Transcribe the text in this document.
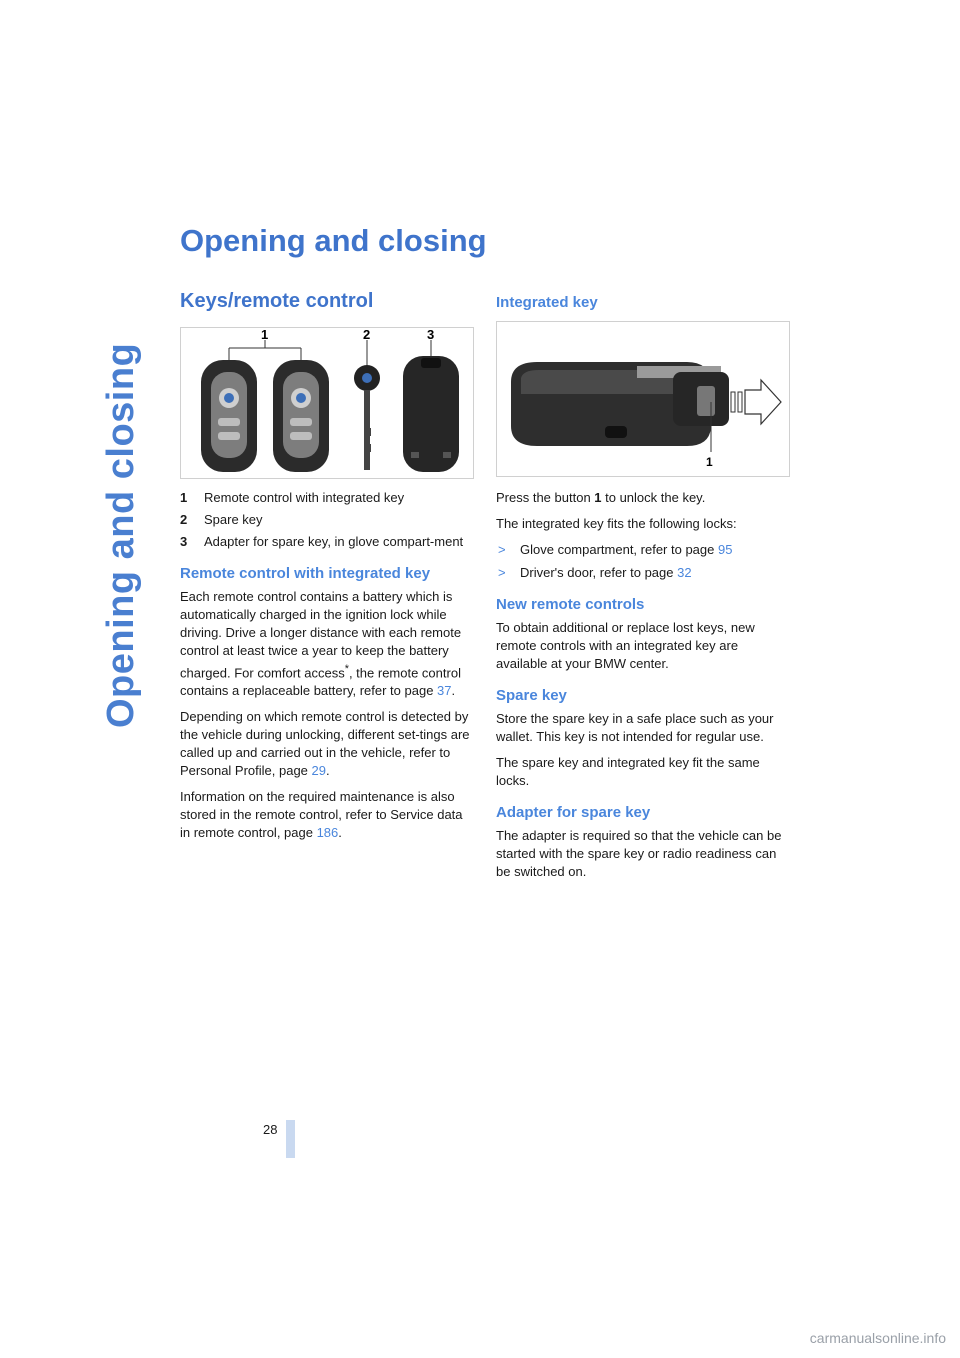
Opening and closing
Opening and closing
Keys/remote control
1	2	3
1 Remote control with integrated key
2 Spare key
3 Adapter for spare key, in glove compart-ment
Remote control with integrated key

Each remote control contains a battery which is automatically charged in the ignition lock while driving. Drive a longer distance with each remote control at least twice a year to keep the battery charged. For comfort access*, the remote control contains a replaceable battery, refer to page 37.

Depending on which remote control is detected by the vehicle during unlocking, different set-tings are called up and carried out in the vehicle, refer to Personal Profile, page 29.

Information on the required maintenance is also stored in the remote control, refer to Service data in remote control, page 186.

Integrated key
1

Press the button 1 to unlock the key.

The integrated key fits the following locks:

> Glove compartment, refer to page 95
> Driver's door, refer to page 32
New remote controls

To obtain additional or replace lost keys, new remote controls with an integrated key are available at your BMW center.

Spare key

Store the spare key in a safe place such as your wallet. This key is not intended for regular use.

The spare key and integrated key fit the same locks.

Adapter for spare key

The adapter is required so that the vehicle can be started with the spare key or radio readiness can be switched on.

28
carmanualsonline.info
